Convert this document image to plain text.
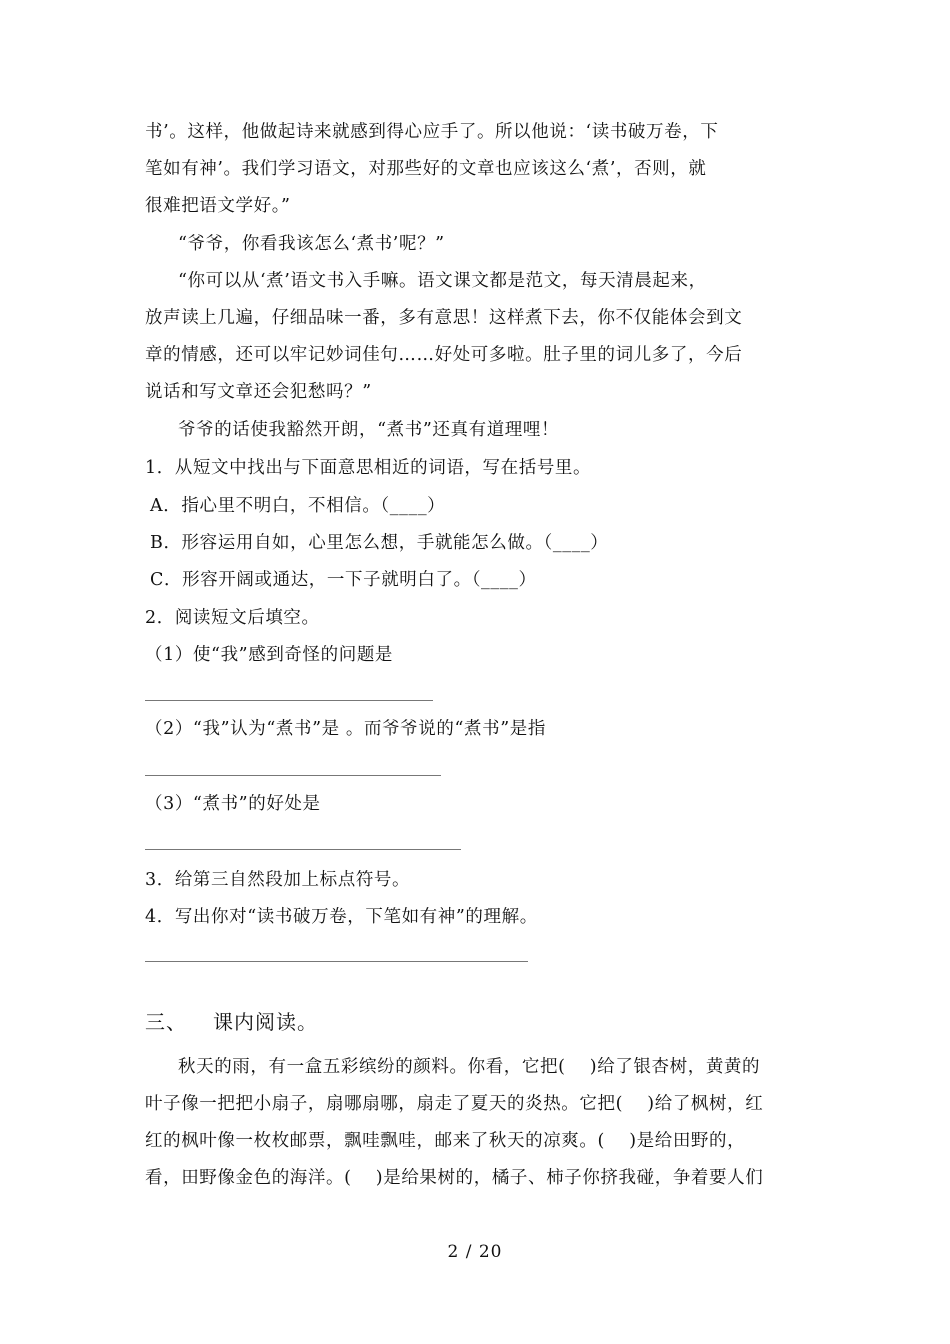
书’。这样，他做起诗来就感到得心应手了。所以他说：‘读书破万卷，下
笔如有神’。我们学习语文，对那些好的文章也应该这么‘煮’，否则，就
很难把语文学好。”
“爷爷，你看我该怎么‘煮书’呢？”
“你可以从‘煮’语文书入手嘛。语文课文都是范文，每天清晨起来，
放声读上几遍，仔细品味一番，多有意思！这样煮下去，你不仅能体会到文
章的情感，还可以牢记妙词佳句……好处可多啦。肚子里的词儿多了，今后
说话和写文章还会犯愁吗？”
爷爷的话使我豁然开朗，“煮书”还真有道理哩！
1．从短文中找出与下面意思相近的词语，写在括号里。
A．指心里不明白，不相信。（____）
B．形容运用自如，心里怎么想，手就能怎么做。（____）
C．形容开阔或通达，一下子就明白了。（____）
2．阅读短文后填空。
（1）使“我”感到奇怪的问题是
（2）“我”认为“煮书”是 。而爷爷说的“煮书”是指
（3）“煮书”的好处是
3．给第三自然段加上标点符号。
4．写出你对“读书破万卷，下笔如有神”的理解。
三、 课内阅读。
秋天的雨，有一盒五彩缤纷的颜料。你看，它把(　 )给了银杏树，黄黄的
叶子像一把把小扇子，扇哪扇哪，扇走了夏天的炎热。它把(　 )给了枫树，红
红的枫叶像一枚枚邮票，飘哇飘哇，邮来了秋天的凉爽。(　 )是给田野的，
看，田野像金色的海洋。(　 )是给果树的，橘子、柿子你挤我碰，争着要人们
2 / 20
